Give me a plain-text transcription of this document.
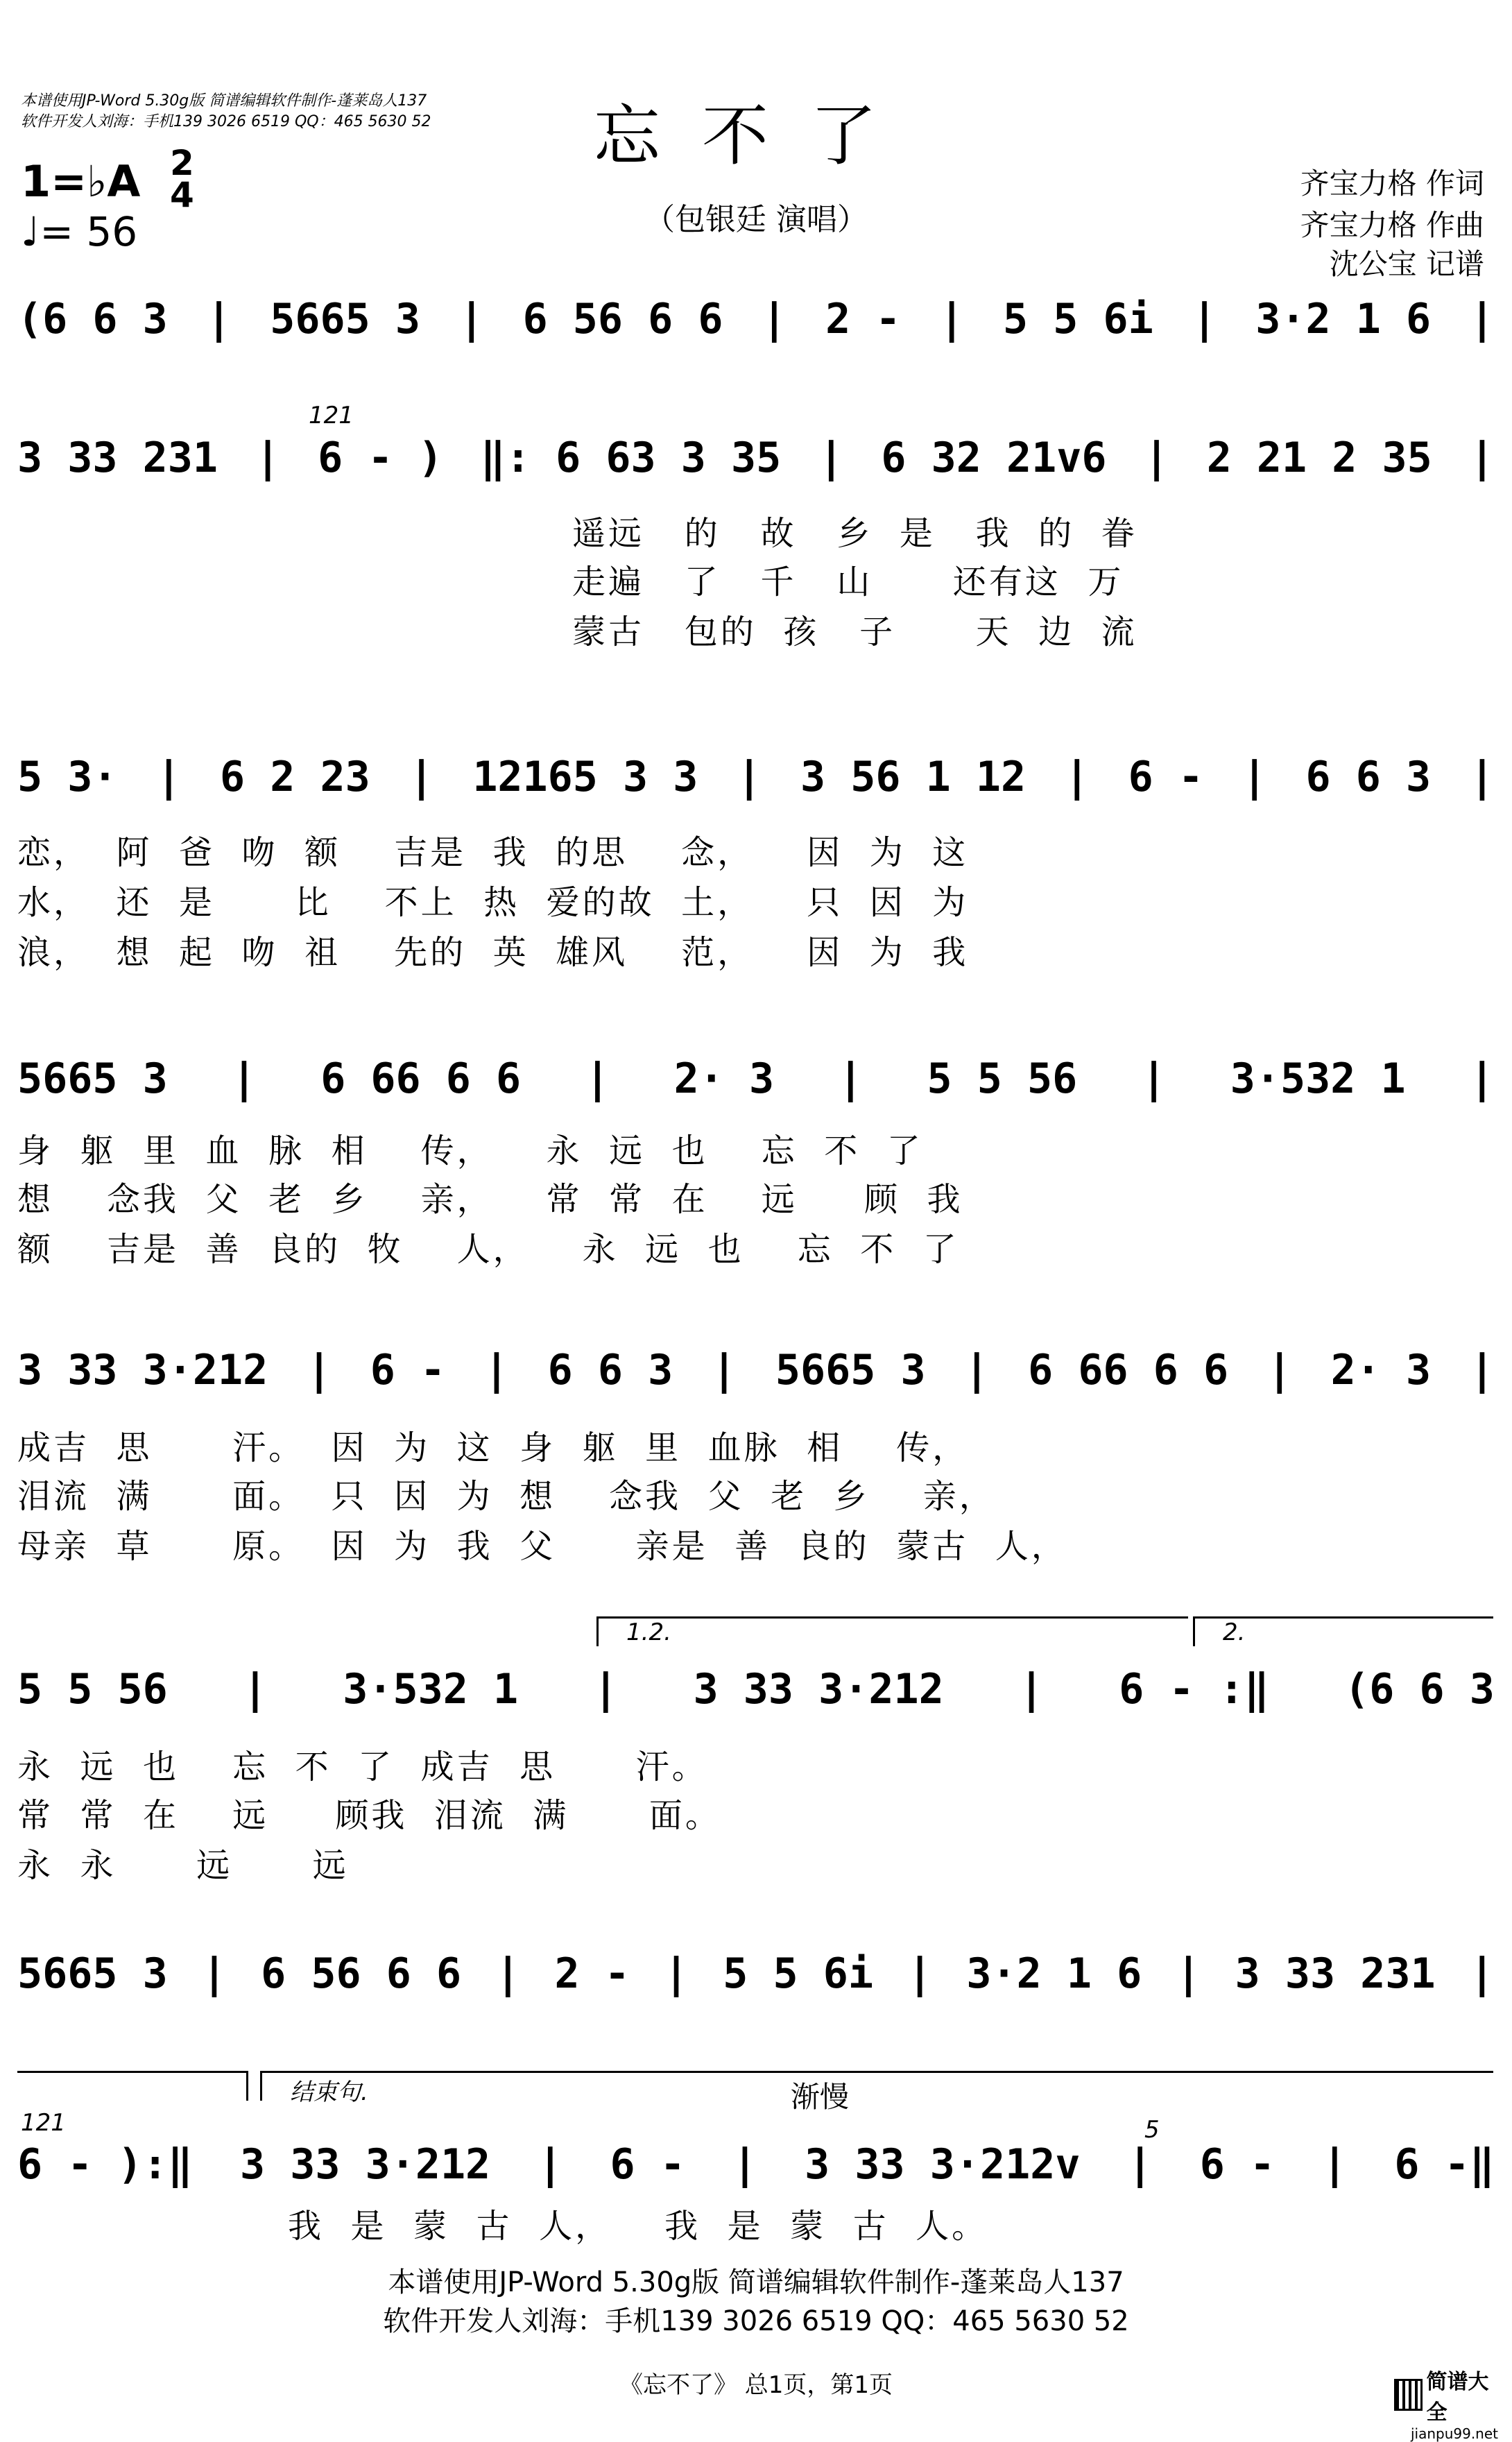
本谱使用JP-Word 5.30g版 简谱编辑软件制作-蓬莱岛人137
软件开发人刘海：手机139 3026 6519 QQ：465 5630 52	忘不了
（包银廷 演唱）
1=♭A 2
4
♩= 56
齐宝力格 作词
齐宝力格 作曲
沈公宝 记谱
(6 6 3 | 5665 3 | 6 56 6 6 | 2 - | 5 5 6i | 3·2 1 6 |
121
3 33 231 | 6 - ) ‖: 6 63 3 35 | 6 32 21v6 | 2 21 2 35 |
遥远   的   故   乡  是   我  的  眷
走遍   了   千   山      还有这  万
蒙古   包的  孩   子      天  边  流
5 3· | 6 2 23 | 12165 3 3 | 3 56 1 12 | 6 - | 6 6 3 |
恋，  阿  爸  吻  额    吉是  我  的思    念，    因  为  这
水，  还  是      比    不上  热  爱的故  土，    只  因  为
浪，  想  起  吻  祖    先的  英  雄风    范，    因  为  我
5665 3 | 6 66 6 6 | 2· 3 | 5 5 56 | 3·532 1 |
身  躯  里  血  脉  相    传，    永  远  也    忘  不  了
想    念我  父  老  乡    亲，    常  常  在    远     顾  我
额    吉是  善  良的  牧    人，    永  远  也    忘  不  了
3 33 3·212 | 6 - | 6 6 3 | 5665 3 | 6 66 6 6 | 2· 3 |
成吉  思      汗。  因  为  这  身  躯  里  血脉  相    传，
泪流  满      面。  只  因  为  想    念我  父  老  乡    亲，
母亲  草      原。  因  为  我  父      亲是  善  良的  蒙古  人，
1.2.	2.
5 5 56 | 3·532 1 | 3 33 3·212 | 6 - :‖ (6 6 3
永  远  也    忘  不  了  成吉  思      汗。
常  常  在    远     顾我  泪流  满      面。
永  永      远      远
5665 3 | 6 56 6 6 | 2 - | 5 5 6i | 3·2 1 6 | 3 33 231 |
结束句.	渐慢
121	5
6 - ):‖ 3 33 3·212 | 6 - | 3 33 3·212v | 6 - | 6 -‖
我  是  蒙  古  人，    我  是  蒙  古  人。
本谱使用JP-Word 5.30g版 简谱编辑软件制作-蓬莱岛人137
软件开发人刘海：手机139 3026 6519 QQ：465 5630 52
《忘不了》 总1页，第1页	简谱大全
jianpu99.net
